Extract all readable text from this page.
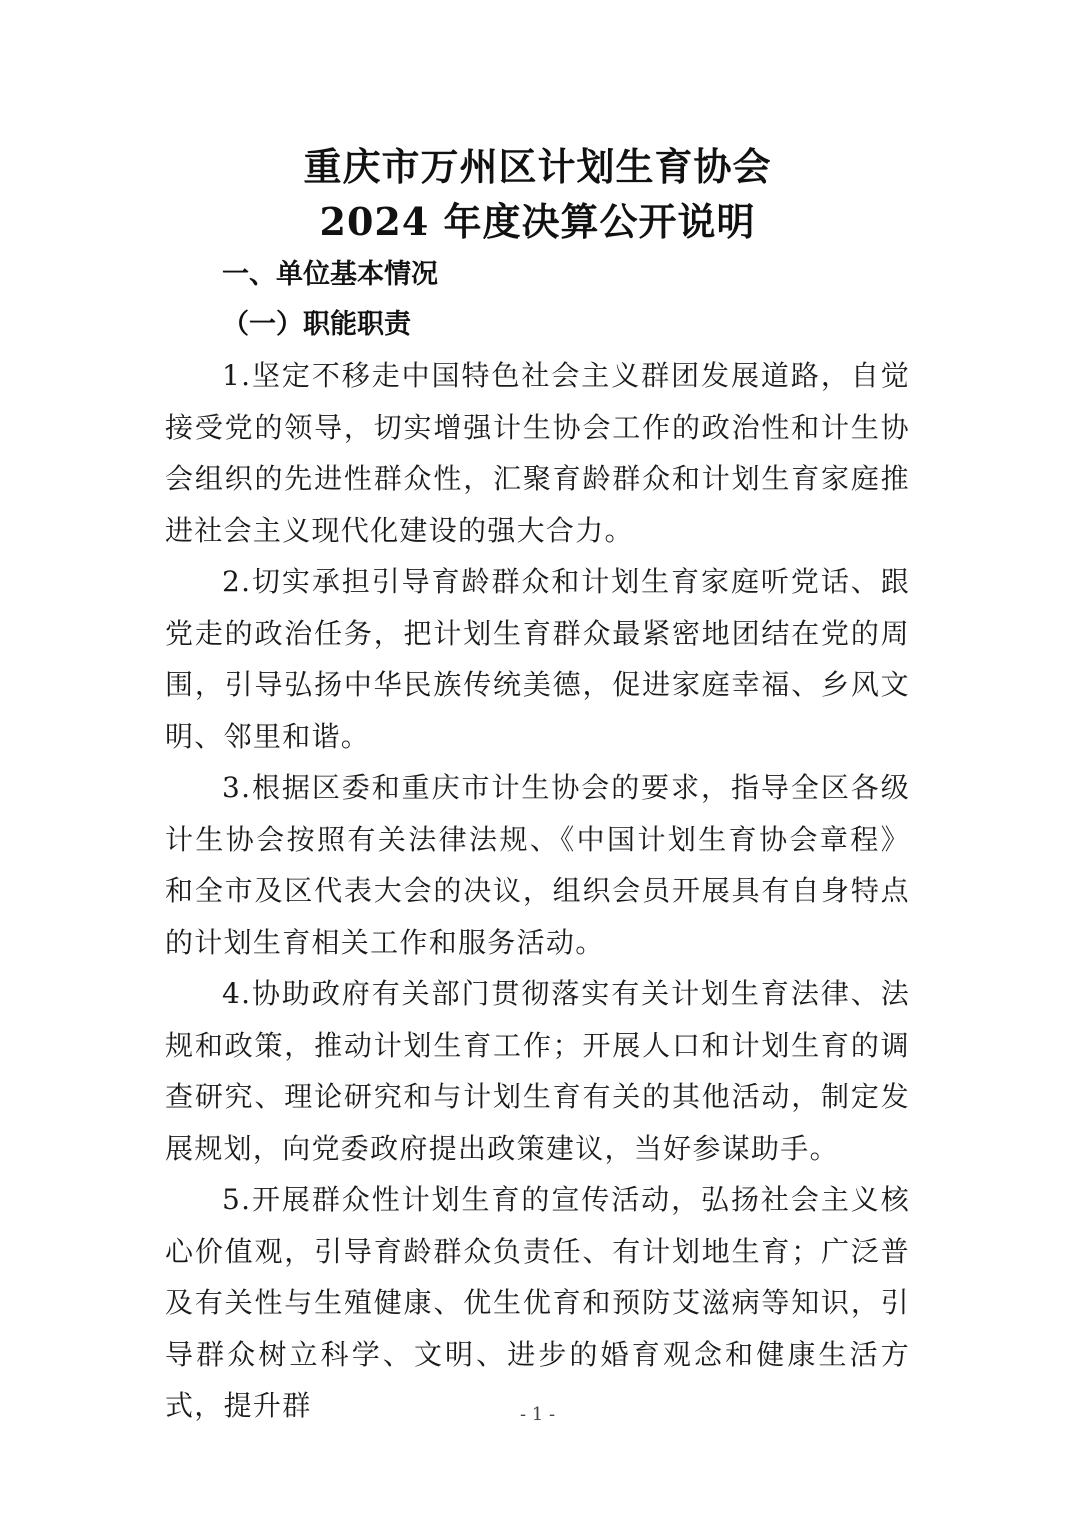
重庆市万州区计划生育协会
2024 年度决算公开说明
一、单位基本情况
（一）职能职责

1.坚定不移走中国特色社会主义群团发展道路，自觉接受党的领导，切实增强计生协会工作的政治性和计生协会组织的先进性群众性，汇聚育龄群众和计划生育家庭推进社会主义现代化建设的强大合力。

2.切实承担引导育龄群众和计划生育家庭听党话、跟党走的政治任务，把计划生育群众最紧密地团结在党的周围，引导弘扬中华民族传统美德，促进家庭幸福、乡风文明、邻里和谐。

3.根据区委和重庆市计生协会的要求，指导全区各级计生协会按照有关法律法规、《中国计划生育协会章程》和全市及区代表大会的决议，组织会员开展具有自身特点的计划生育相关工作和服务活动。

4.协助政府有关部门贯彻落实有关计划生育法律、法规和政策，推动计划生育工作；开展人口和计划生育的调查研究、理论研究和与计划生育有关的其他活动，制定发展规划，向党委政府提出政策建议，当好参谋助手。

5.开展群众性计划生育的宣传活动，弘扬社会主义核心价值观，引导育龄群众负责任、有计划地生育；广泛普及有关性与生殖健康、优生优育和预防艾滋病等知识，引导群众树立科学、文明、进步的婚育观念和健康生活方式，提升群	- 1 -
